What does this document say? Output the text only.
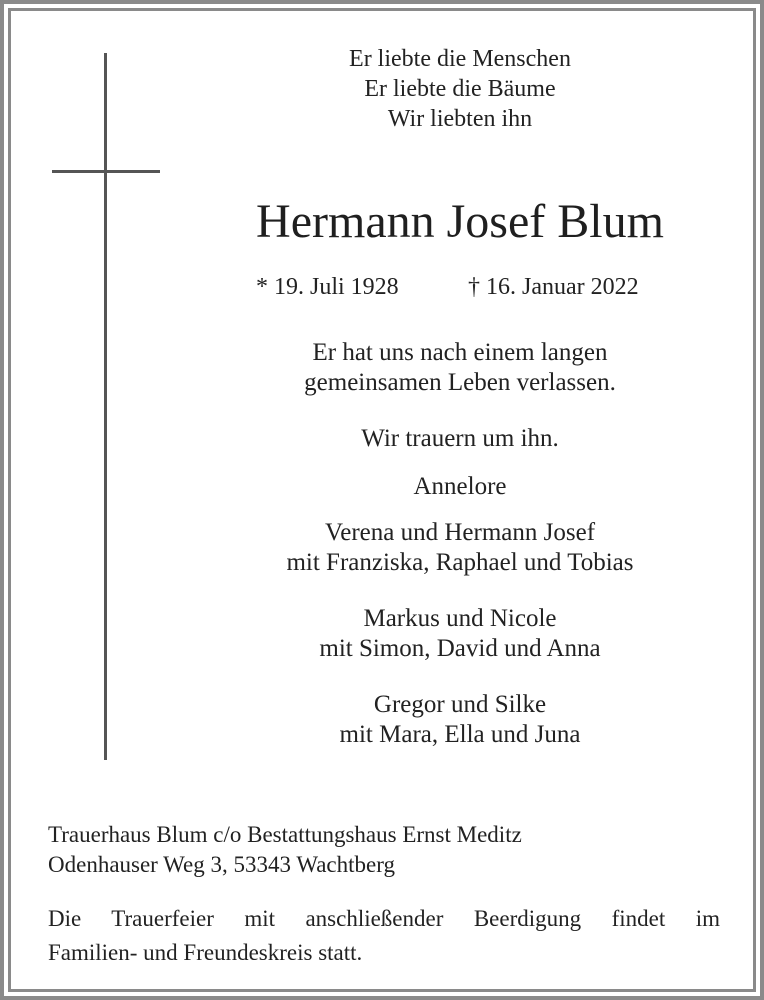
Er liebte die Menschen
Er liebte die Bäume
Wir liebten ihn
Hermann Josef Blum
* 19. Juli 1928	† 16. Januar 2022
Er hat uns nach einem langen
gemeinsamen Leben verlassen.
Wir trauern um ihn.
Annelore
Verena und Hermann Josef
mit Franziska, Raphael und Tobias
Markus und Nicole
mit Simon, David und Anna
Gregor und Silke
mit Mara, Ella und Juna
Trauerhaus Blum c/o Bestattungshaus Ernst Meditz
Odenhauser Weg 3, 53343 Wachtberg
Die Trauerfeier mit anschließender Beerdigung findet im
Familien- und Freundeskreis statt.
